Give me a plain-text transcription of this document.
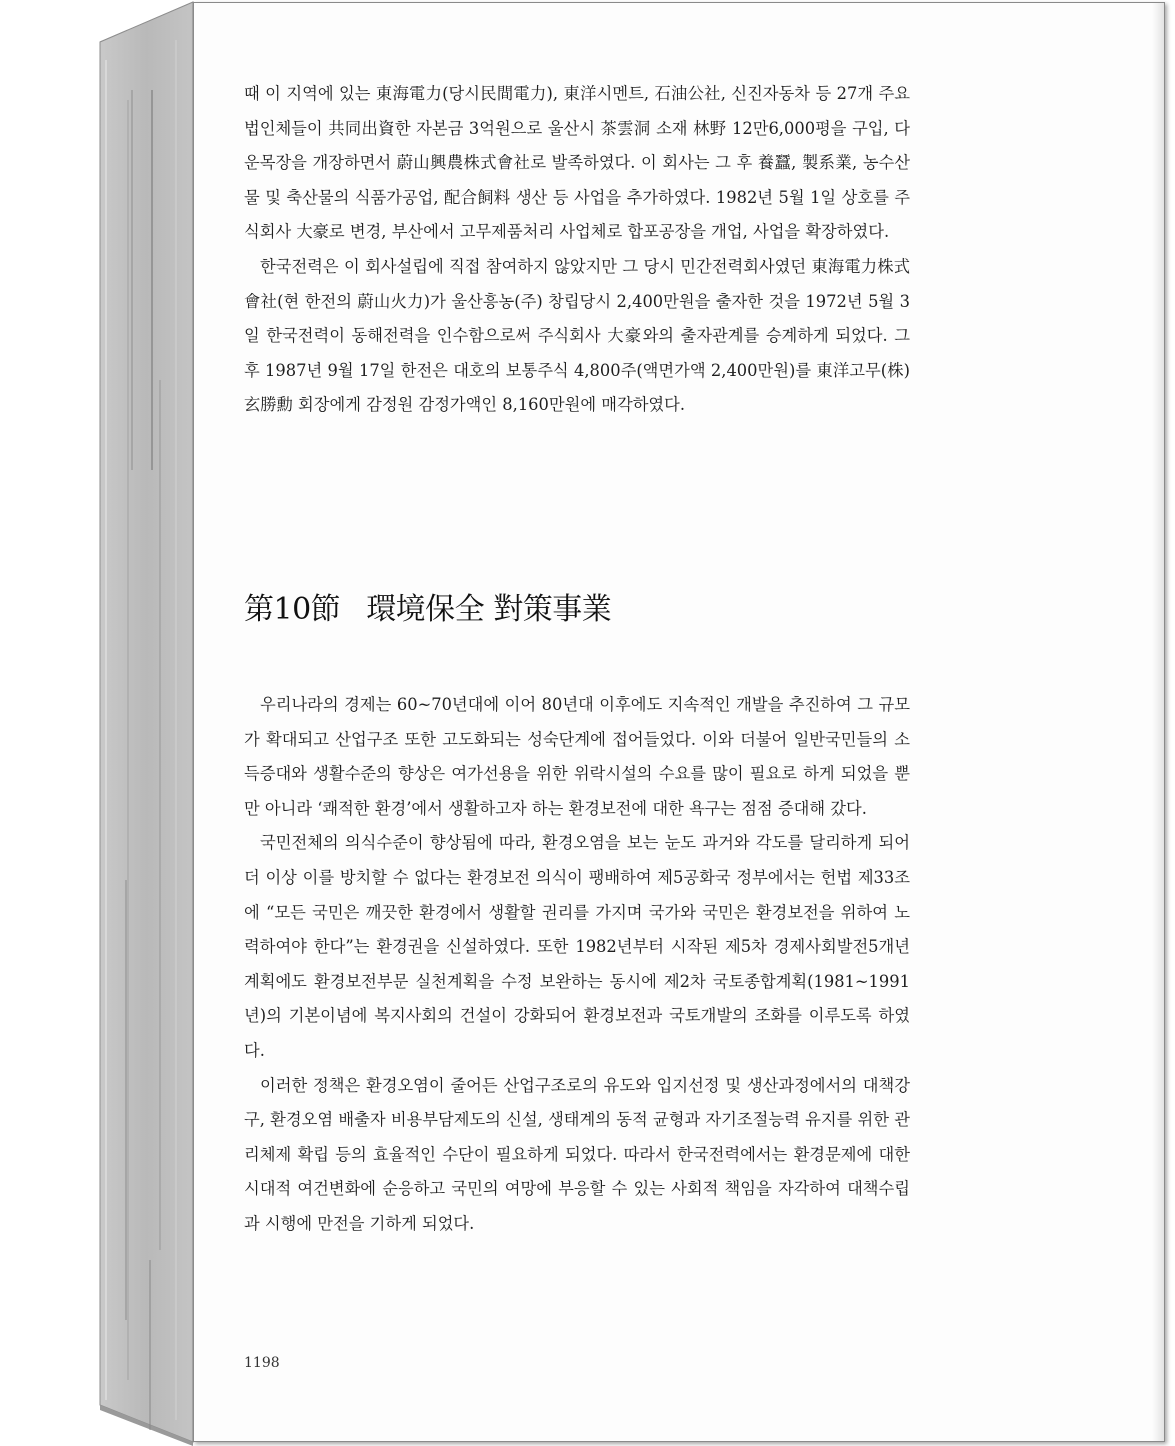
때 이 지역에 있는 東海電力(당시民間電力), 東洋시멘트, 石油公社, 신진자동차 등 27개 주요법인체들이 共同出資한 자본금 3억원으로 울산시 茶雲洞 소재 林野 12만6,000평을 구입, 다운목장을 개장하면서 蔚山興農株式會社로 발족하였다. 이 회사는 그 후 養蠶, 製系業, 농수산물 및 축산물의 식품가공업, 配合飼料 생산 등 사업을 추가하였다. 1982년 5월 1일 상호를 주식회사 大豪로 변경, 부산에서 고무제품처리 사업체로 합포공장을 개업, 사업을 확장하였다.

한국전력은 이 회사설립에 직접 참여하지 않았지만 그 당시 민간전력회사였던 東海電力株式會社(현 한전의 蔚山火力)가 울산흥농(주) 창립당시 2,400만원을 출자한 것을 1972년 5월 3일 한국전력이 동해전력을 인수함으로써 주식회사 大豪와의 출자관계를 승계하게 되었다. 그 후 1987년 9월 17일 한전은 대호의 보통주식 4,800주(액면가액 2,400만원)를 東洋고무(株) 玄勝勳 회장에게 감정원 감정가액인 8,160만원에 매각하였다.

第10節 環境保全 對策事業

우리나라의 경제는 60~70년대에 이어 80년대 이후에도 지속적인 개발을 추진하여 그 규모가 확대되고 산업구조 또한 고도화되는 성숙단계에 접어들었다. 이와 더불어 일반국민들의 소득증대와 생활수준의 향상은 여가선용을 위한 위락시설의 수요를 많이 필요로 하게 되었을 뿐만 아니라 ‘쾌적한 환경’에서 생활하고자 하는 환경보전에 대한 욕구는 점점 증대해 갔다.

국민전체의 의식수준이 향상됨에 따라, 환경오염을 보는 눈도 과거와 각도를 달리하게 되어 더 이상 이를 방치할 수 없다는 환경보전 의식이 팽배하여 제5공화국 정부에서는 헌법 제33조에 “모든 국민은 깨끗한 환경에서 생활할 권리를 가지며 국가와 국민은 환경보전을 위하여 노력하여야 한다”는 환경권을 신설하였다. 또한 1982년부터 시작된 제5차 경제사회발전5개년계획에도 환경보전부문 실천계획을 수정 보완하는 동시에 제2차 국토종합계획(1981~1991년)의 기본이념에 복지사회의 건설이 강화되어 환경보전과 국토개발의 조화를 이루도록 하였다.

이러한 정책은 환경오염이 줄어든 산업구조로의 유도와 입지선정 및 생산과정에서의 대책강구, 환경오염 배출자 비용부담제도의 신설, 생태계의 동적 균형과 자기조절능력 유지를 위한 관리체제 확립 등의 효율적인 수단이 필요하게 되었다. 따라서 한국전력에서는 환경문제에 대한 시대적 여건변화에 순응하고 국민의 여망에 부응할 수 있는 사회적 책임을 자각하여 대책수립과 시행에 만전을 기하게 되었다.

1198
